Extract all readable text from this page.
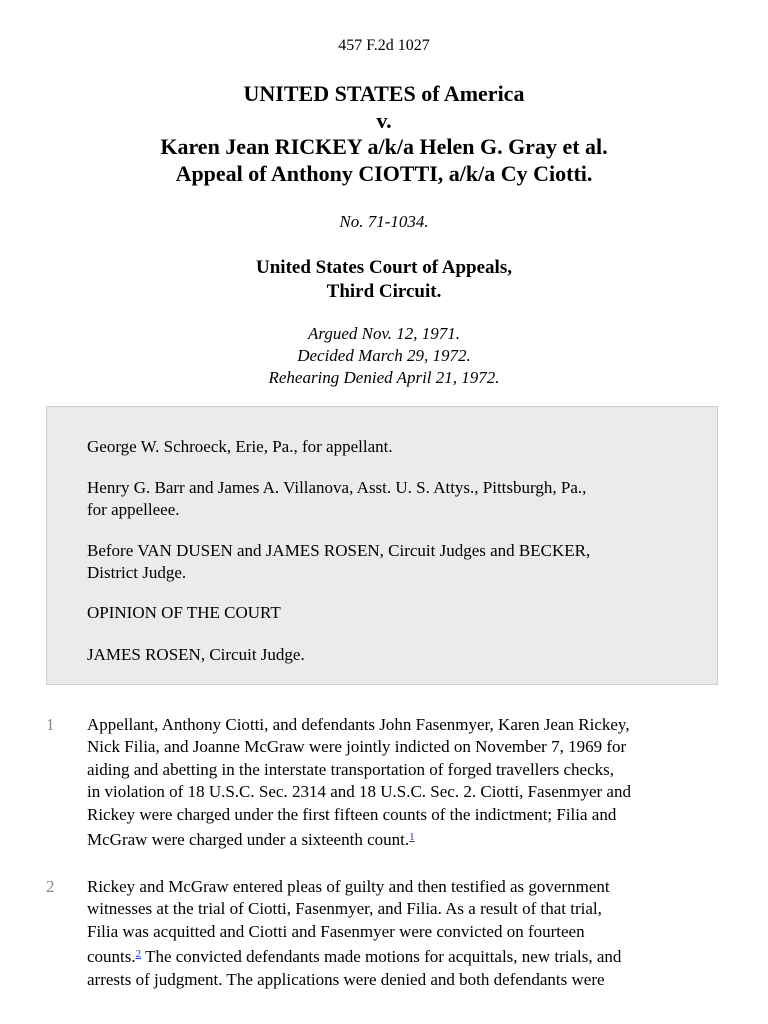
457 F.2d 1027
UNITED STATES of America
v.
Karen Jean RICKEY a/k/a Helen G. Gray et al.
Appeal of Anthony CIOTTI, a/k/a Cy Ciotti.
No. 71-1034.
United States Court of Appeals,
Third Circuit.
Argued Nov. 12, 1971.
Decided March 29, 1972.
Rehearing Denied April 21, 1972.

George W. Schroeck, Erie, Pa., for appellant.

Henry G. Barr and James A. Villanova, Asst. U. S. Attys., Pittsburgh, Pa.,
for appelleee.

Before VAN DUSEN and JAMES ROSEN, Circuit Judges and BECKER,
District Judge.

OPINION OF THE COURT

JAMES ROSEN, Circuit Judge.

1 Appellant, Anthony Ciotti, and defendants John Fasenmyer, Karen Jean Rickey,
Nick Filia, and Joanne McGraw were jointly indicted on November 7, 1969 for
aiding and abetting in the interstate transportation of forged travellers checks,
in violation of 18 U.S.C. Sec. 2314 and 18 U.S.C. Sec. 2. Ciotti, Fasenmyer and
Rickey were charged under the first fifteen counts of the indictment; Filia and
McGraw were charged under a sixteenth count.$^1$

2 Rickey and McGraw entered pleas of guilty and then testified as government
witnesses at the trial of Ciotti, Fasenmyer, and Filia. As a result of that trial,
Filia was acquitted and Ciotti and Fasenmyer were convicted on fourteen
counts.$^2$ The convicted defendants made motions for acquittals, new trials, and
arrests of judgment. The applications were denied and both defendants were
